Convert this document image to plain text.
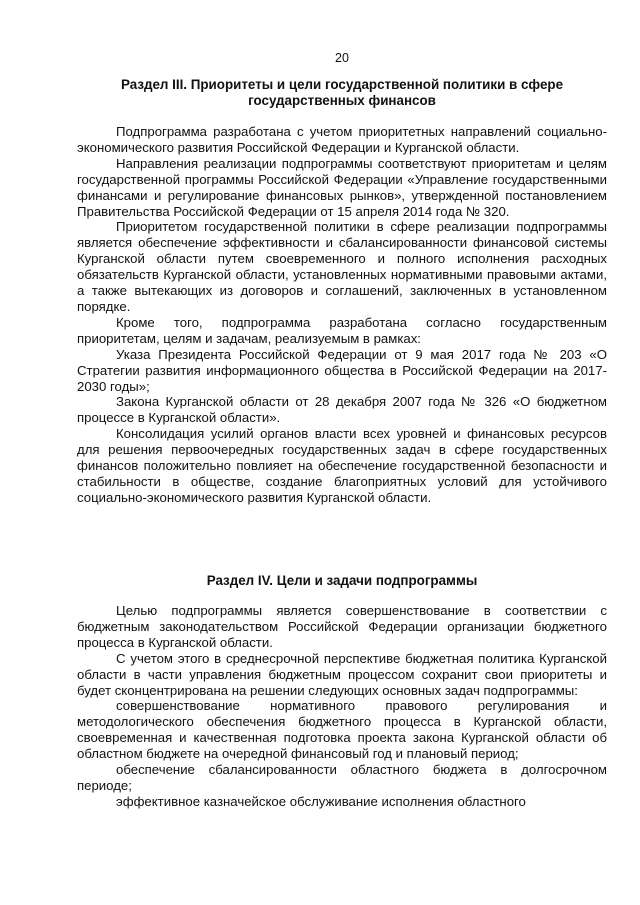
20
Раздел III. Приоритеты и цели государственной политики в сфере
государственных финансов

Подпрограмма разработана с учетом приоритетных направлений социально-экономического развития Российской Федерации и Курганской области.

Направления реализации подпрограммы соответствуют приоритетам и целям государственной программы Российской Федерации «Управление государственными финансами и регулирование финансовых рынков», утвержденной постановлением Правительства Российской Федерации от 15 апреля 2014 года № 320.

Приоритетом государственной политики в сфере реализации подпрограммы является обеспечение эффективности и сбалансированности финансовой системы Курганской области путем своевременного и полного исполнения расходных обязательств Курганской области, установленных нормативными правовыми актами, а также вытекающих из договоров и соглашений, заключенных в установленном порядке.

Кроме того, подпрограмма разработана согласно государственным приоритетам, целям и задачам, реализуемым в рамках:

Указа Президента Российской Федерации от 9 мая 2017 года № 203 «О Стратегии развития информационного общества в Российской Федерации на 2017-2030 годы»;

Закона Курганской области от 28 декабря 2007 года № 326 «О бюджетном процессе в Курганской области».

Консолидация усилий органов власти всех уровней и финансовых ресурсов для решения первоочередных государственных задач в сфере государственных финансов положительно повлияет на обеспечение государственной безопасности и стабильности в обществе, создание благоприятных условий для устойчивого социально-экономического развития Курганской области.

Раздел IV. Цели и задачи подпрограммы

Целью подпрограммы является совершенствование в соответствии с бюджетным законодательством Российской Федерации организации бюджетного процесса в Курганской области.

С учетом этого в среднесрочной перспективе бюджетная политика Курганской области в части управления бюджетным процессом сохранит свои приоритеты и будет сконцентрирована на решении следующих основных задач подпрограммы:

совершенствование нормативного правового регулирования и методологического обеспечения бюджетного процесса в Курганской области, своевременная и качественная подготовка проекта закона Курганской области об областном бюджете на очередной финансовый год и плановый период;

обеспечение сбалансированности областного бюджета в долгосрочном периоде;

эффективное казначейское обслуживание исполнения областного
